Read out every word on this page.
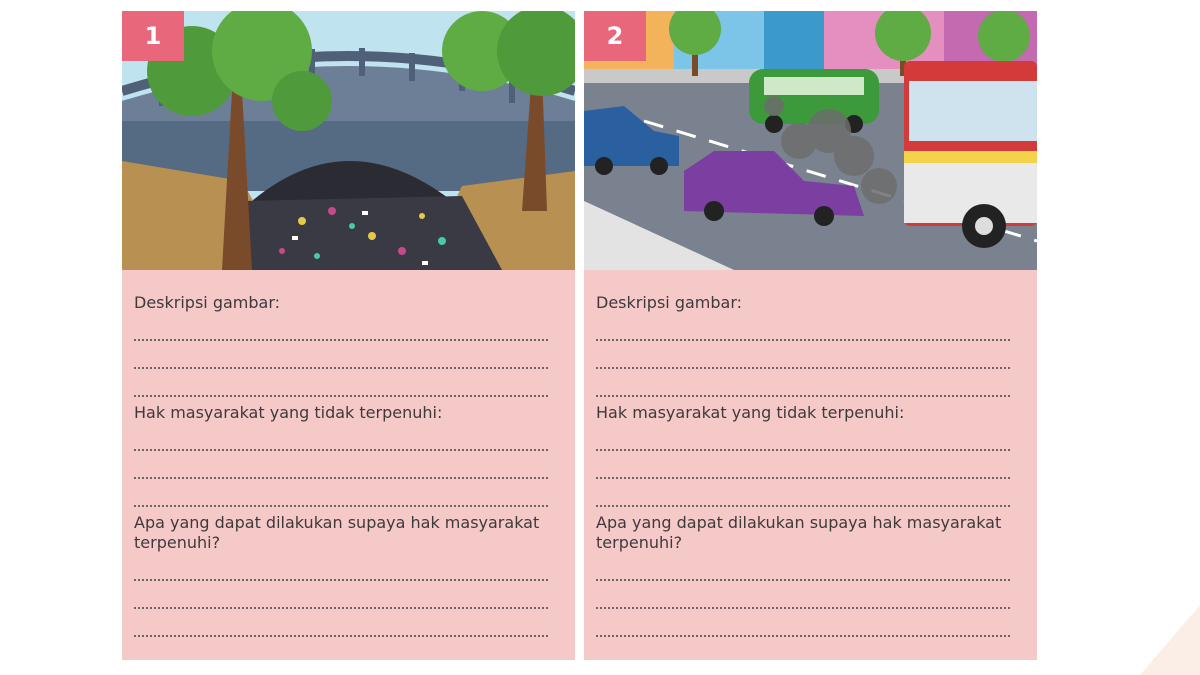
1

Deskripsi gambar:

Hak masyarakat yang tidak terpenuhi:

Apa yang dapat dilakukan supaya hak masyarakat terpenuhi?

2

Deskripsi gambar:

Hak masyarakat yang tidak terpenuhi:

Apa yang dapat dilakukan supaya hak masyarakat terpenuhi?
